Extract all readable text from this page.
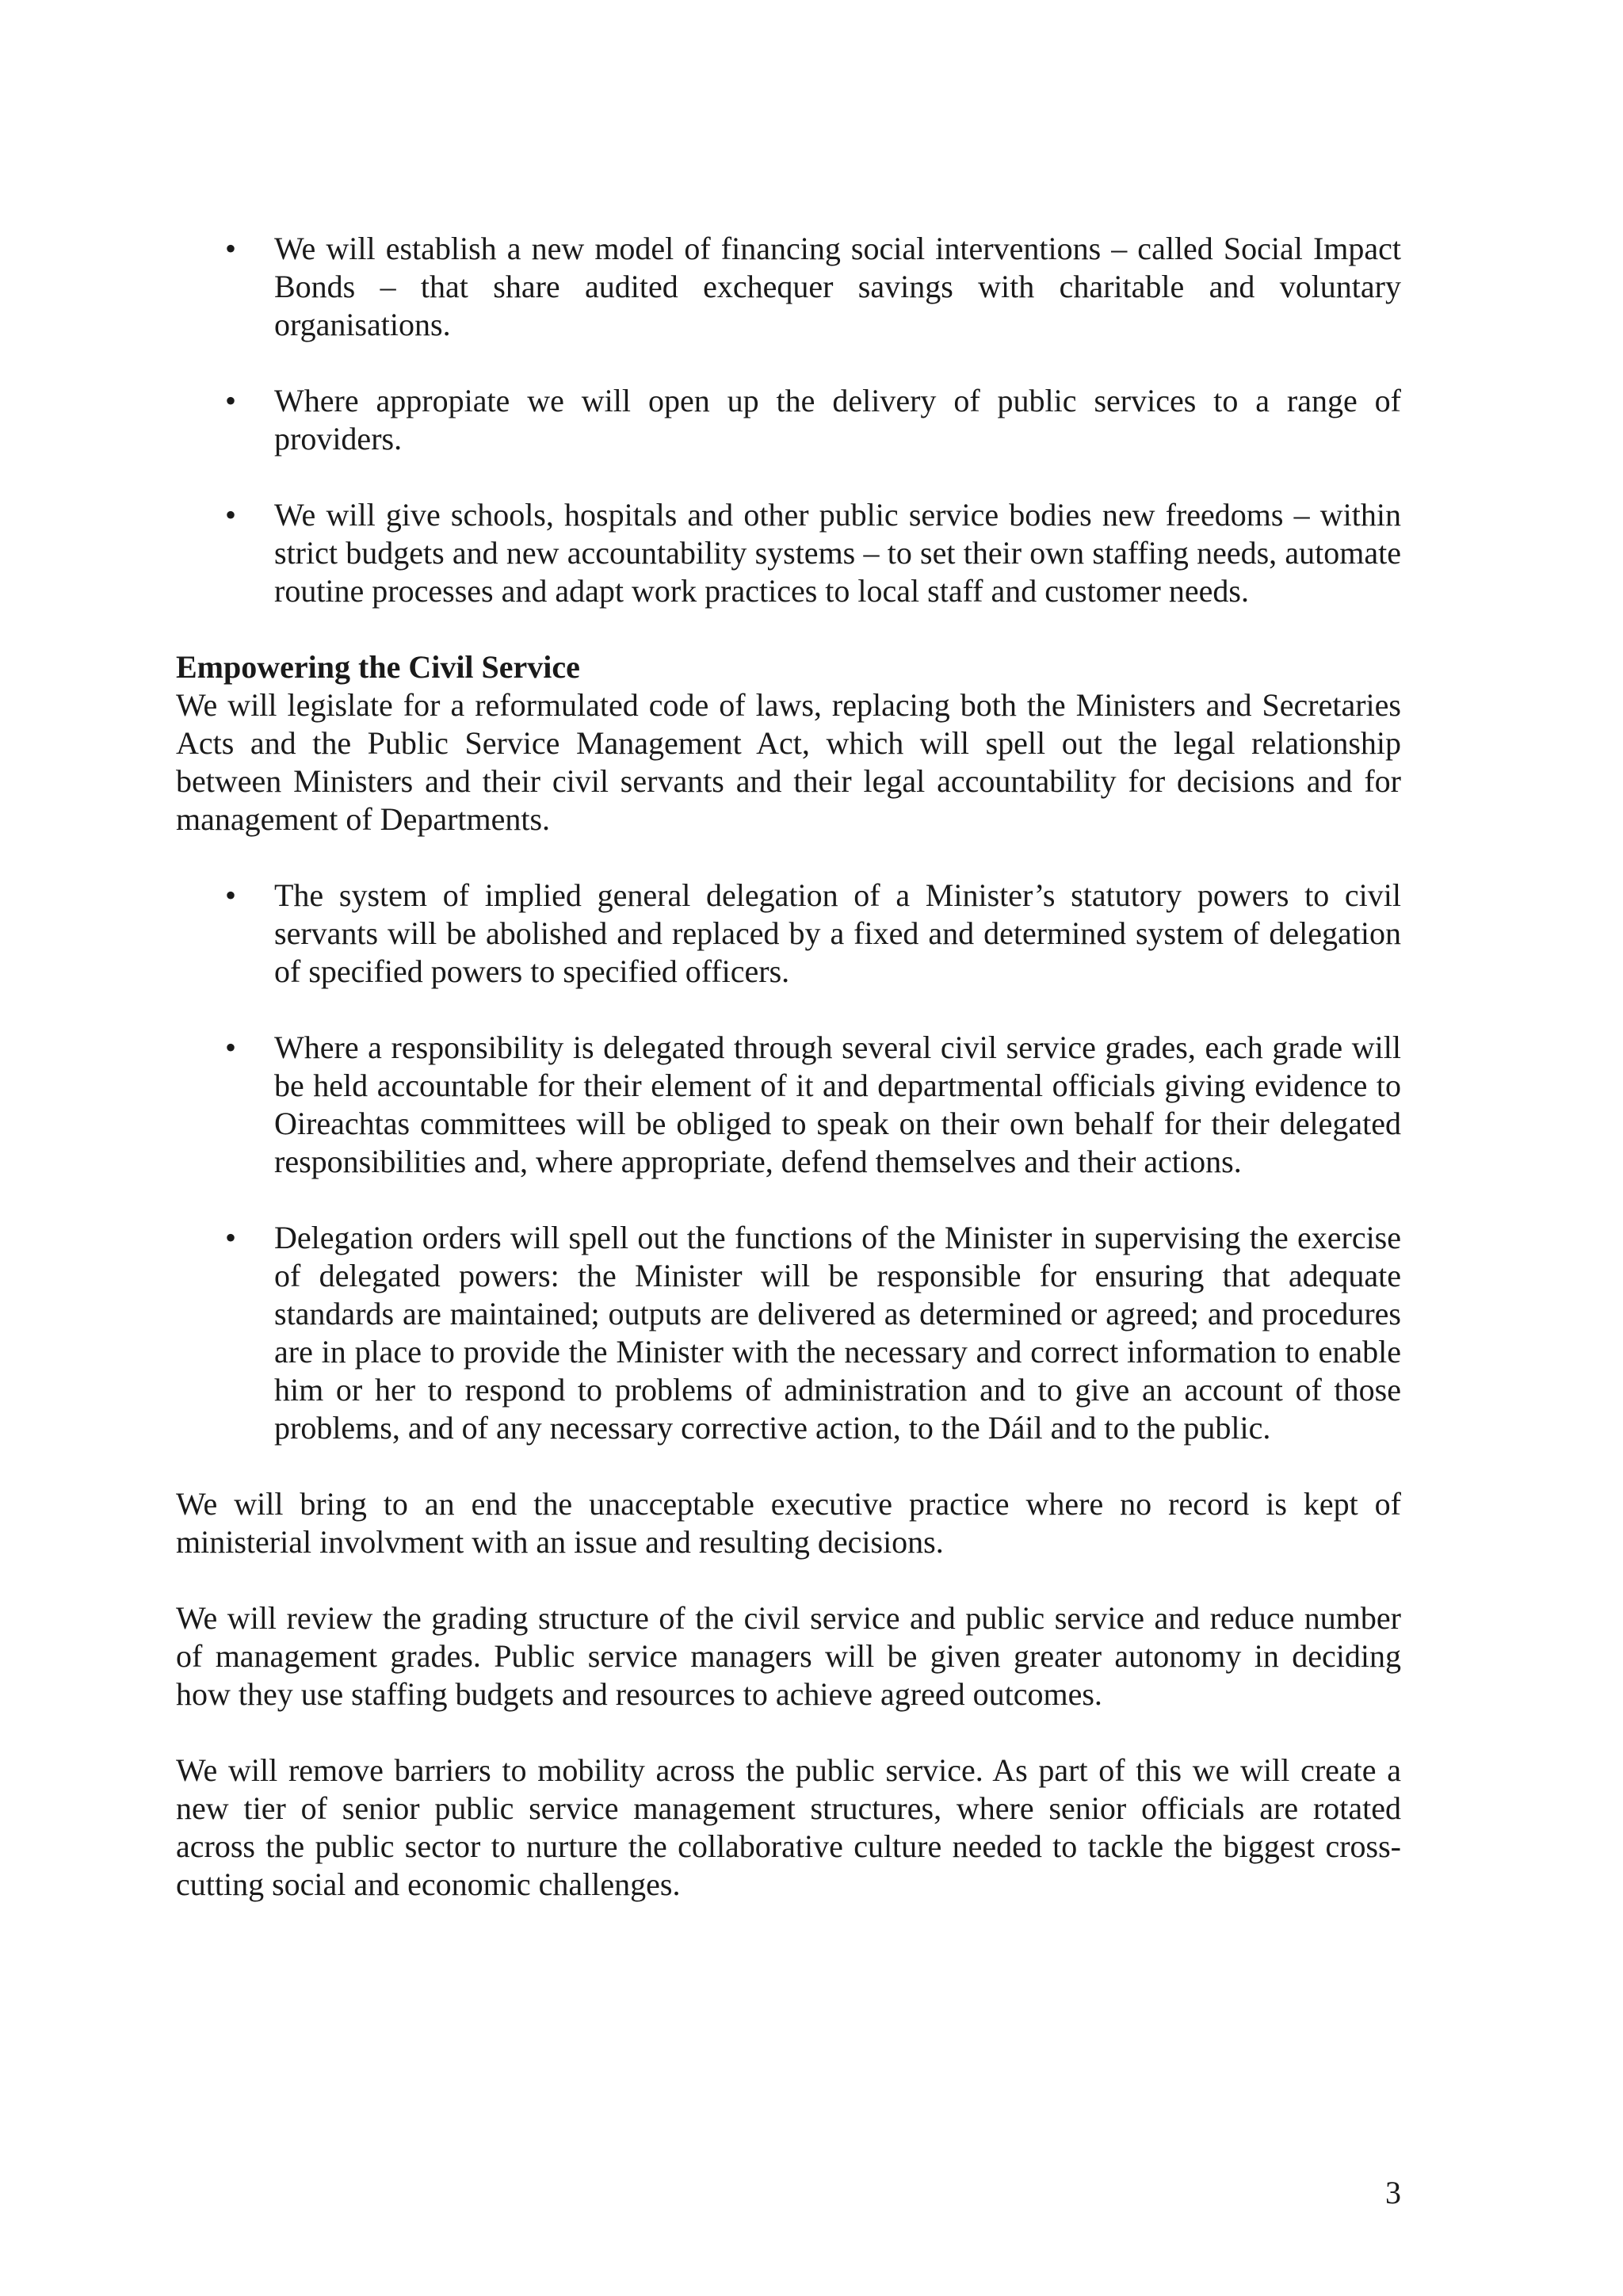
•	We will establish a new model of financing social interventions – called Social Impact Bonds – that share audited exchequer savings with charitable and voluntary organisations.

•	Where appropiate we will open up the delivery of public services to a range of providers.

•	We will give schools, hospitals and other public service bodies new freedoms – within strict budgets and new accountability systems – to set their own staffing needs, automate routine processes and adapt work practices to local staff and customer needs.

Empowering the Civil Service

We will legislate for a reformulated code of laws, replacing both the Ministers and Secretaries Acts and the Public Service Management Act, which will spell out the legal relationship between Ministers and their civil servants and their legal accountability for decisions and for management of Departments.

•	The system of implied general delegation of a Minister’s statutory powers to civil servants will be abolished and replaced by a fixed and determined system of delegation of specified powers to specified officers.

•	Where a responsibility is delegated through several civil service grades, each grade will be held accountable for their element of it and departmental officials giving evidence to Oireachtas committees will be obliged to speak on their own behalf for their delegated responsibilities and, where appropriate, defend themselves and their actions.

•	Delegation orders will spell out the functions of the Minister in supervising the exercise of delegated powers: the Minister will be responsible for ensuring that adequate standards are maintained; outputs are delivered as determined or agreed; and procedures are in place to provide the Minister with the necessary and correct information to enable him or her to respond to problems of administration and to give an account of those problems, and of any necessary corrective action, to the Dáil and to the public.

We will bring to an end the unacceptable executive practice where no record is kept of ministerial involvment with an issue and resulting decisions.

We will review the grading structure of the civil service and public service and reduce number of management grades. Public service managers will be given greater autonomy in deciding how they use staffing budgets and resources to achieve agreed outcomes.

We will remove barriers to mobility across the public service. As part of this we will create a new tier of senior public service management structures, where senior officials are rotated across the public sector to nurture the collaborative culture needed to tackle the biggest cross-cutting social and economic challenges.

3
